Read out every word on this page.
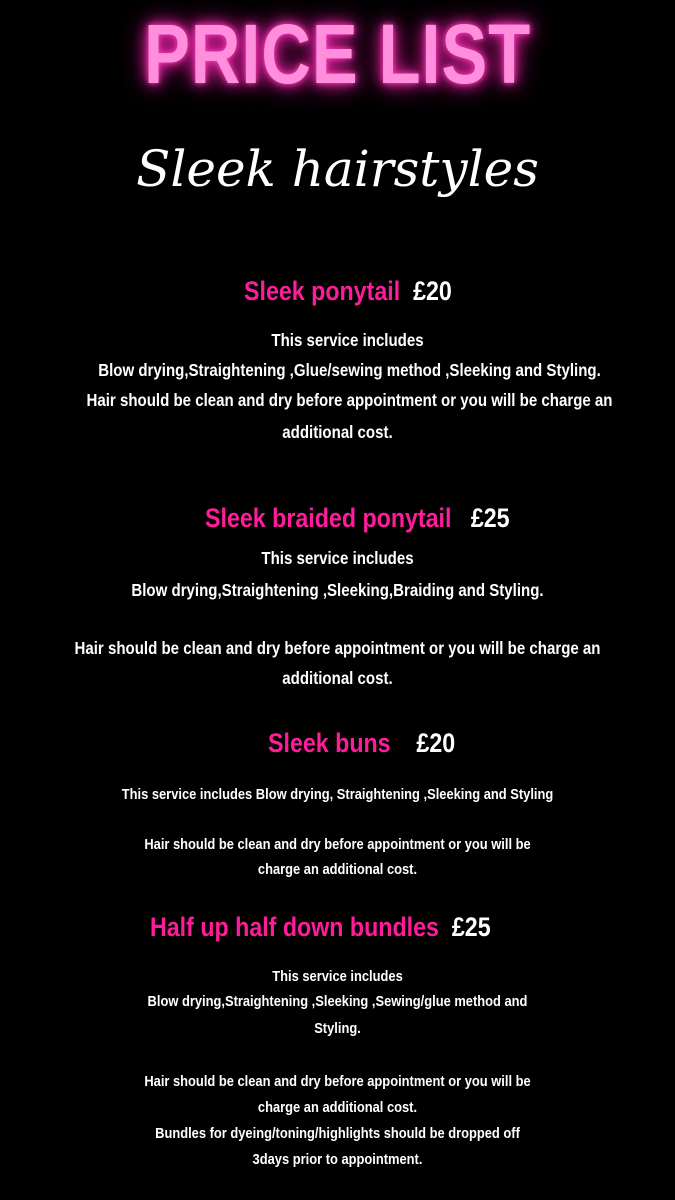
PRICE LIST
Sleek hairstyles
Sleek ponytail £20
This service includes
Blow drying,Straightening ,Glue/sewing method ,Sleeking and Styling.
Hair should be clean and dry before appointment or you will be charge an
additional cost.
Sleek braided ponytail £25
This service includes
Blow drying,Straightening ,Sleeking,Braiding and Styling.
Hair should be clean and dry before appointment or you will be charge an
additional cost.
Sleek buns £20
This service includes Blow drying, Straightening ,Sleeking and Styling
Hair should be clean and dry before appointment or you will be
charge an additional cost.
Half up half down bundles £25
This service includes
Blow drying,Straightening ,Sleeking ,Sewing/glue method and
Styling.
Hair should be clean and dry before appointment or you will be
charge an additional cost.
Bundles for dyeing/toning/highlights should be dropped off
3days prior to appointment.
